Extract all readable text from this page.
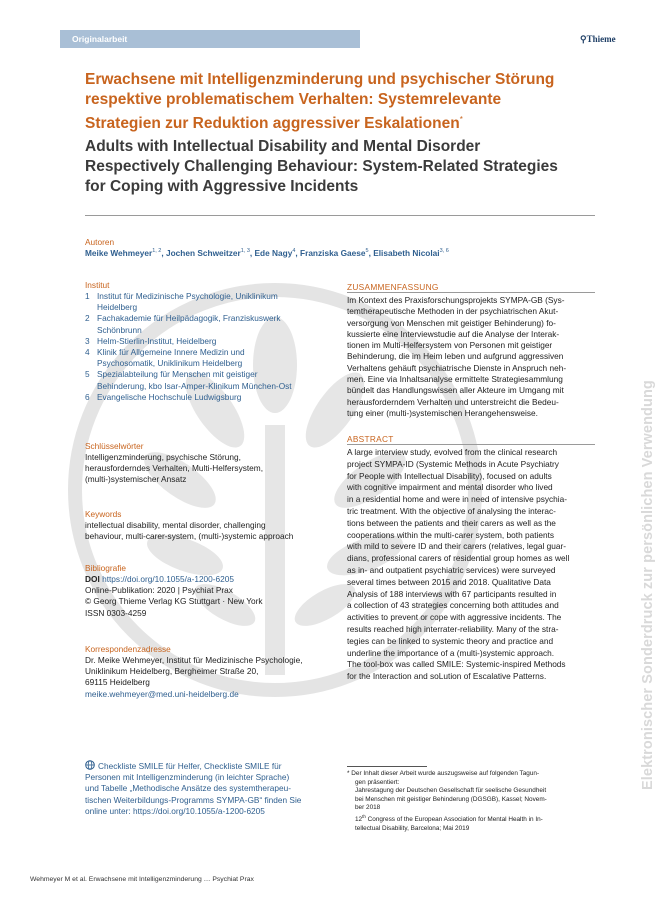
Elektronischer Sonderdruck zur persönlichen Verwendung
Originalarbeit	⚲Thieme
Erwachsene mit Intelligenzminderung und psychischer Störung
respektive problematischem Verhalten: Systemrelevante
Strategien zur Reduktion aggressiver Eskalationen*
Adults with Intellectual Disability and Mental Disorder
Respectively Challenging Behaviour: System-Related Strategies
for Coping with Aggressive Incidents
Autoren
Meike Wehmeyer$^{1, 2}$, Jochen Schweitzer$^{1, 3}$, Ede Nagy$^4$, Franziska Gaese$^5$, Elisabeth Nicolai$^{3, 6}$
Institut
1 Institut für Medizinische Psychologie, Uniklinikum
Heidelberg
2 Fachakademie für Heilpädagogik, Franziskuswerk
Schönbrunn
3 Helm-Stierlin-Institut, Heidelberg
4 Klinik für Allgemeine Innere Medizin und
Psychosomatik, Uniklinikum Heidelberg
5 Spezialabteilung für Menschen mit geistiger
Behinderung, kbo Isar-Amper-Klinikum München-Ost
6 Evangelische Hochschule Ludwigsburg
Schlüsselwörter
Intelligenzminderung, psychische Störung,
herausforderndes Verhalten, Multi-Helfersystem,
(multi-)systemischer Ansatz
Keywords
intellectual disability, mental disorder, challenging
behaviour, multi-carer-system, (multi-)systemic approach
Bibliografie
DOI https://doi.org/10.1055/a-1200-6205
Online-Publikation: 2020 | Psychiat Prax
© Georg Thieme Verlag KG Stuttgart · New York
ISSN 0303-4259
Korrespondenzadresse
Dr. Meike Wehmeyer, Institut für Medizinische Psychologie,
Uniklinikum Heidelberg, Bergheimer Straße 20,
69115 Heidelberg
meike.wehmeyer@med.uni-heidelberg.de
Checkliste SMILE für Helfer, Checkliste SMILE für
Personen mit Intelligenzminderung (in leichter Sprache)
und Tabelle „Methodische Ansätze des systemtherapeu-
tischen Weiterbildungs-Programms SYMPA-GB“ finden Sie
online unter: https://doi.org/10.1055/a-1200-6205
ZUSAMMENFASSUNG
Im Kontext des Praxisforschungsprojekts SYMPA-GB (Sys-
temtherapeutische Methoden in der psychiatrischen Akut-
versorgung von Menschen mit geistiger Behinderung) fo-
kussierte eine Interviewstudie auf die Analyse der Interak-
tionen im Multi-Helfersystem von Personen mit geistiger
Behinderung, die im Heim leben und aufgrund aggressiven
Verhaltens gehäuft psychiatrische Dienste in Anspruch neh-
men. Eine via Inhaltsanalyse ermittelte Strategiesammlung
bündelt das Handlungswissen aller Akteure im Umgang mit
herausforderndem Verhalten und unterstreicht die Bedeu-
tung einer (multi-)systemischen Herangehensweise.
ABSTRACT
A large interview study, evolved from the clinical research
project SYMPA-ID (Systemic Methods in Acute Psychiatry
for People with Intellectual Disability), focused on adults
with cognitive impairment and mental disorder who lived
in a residential home and were in need of intensive psychia-
tric treatment. With the objective of analysing the interac-
tions between the patients and their carers as well as the
cooperations within the multi-carer system, both patients
with mild to severe ID and their carers (relatives, legal guar-
dians, professional carers of residential group homes as well
as in- and outpatient psychiatric services) were surveyed
several times between 2015 and 2018. Qualitative Data
Analysis of 188 interviews with 67 participants resulted in
a collection of 43 strategies concerning both attitudes and
activities to prevent or cope with aggressive incidents. The
results reached high interrater-reliability. Many of the stra-
tegies can be linked to systemic theory and practice and
underline the importance of a (multi-)systemic approach.
The tool-box was called SMILE: Systemic-inspired Methods
for the Interaction and soLution of Escalative Patterns.
* Der Inhalt dieser Arbeit wurde auszugsweise auf folgenden Tagun-
gen präsentiert:
Jahrestagung der Deutschen Gesellschaft für seelische Gesundheit
bei Menschen mit geistiger Behinderung (DGSGB), Kassel; Novem-
ber 2018
12th Congress of the European Association for Mental Health in In-
tellectual Disability, Barcelona; Mai 2019
Wehmeyer M et al. Erwachsene mit Intelligenzminderung … Psychiat Prax
